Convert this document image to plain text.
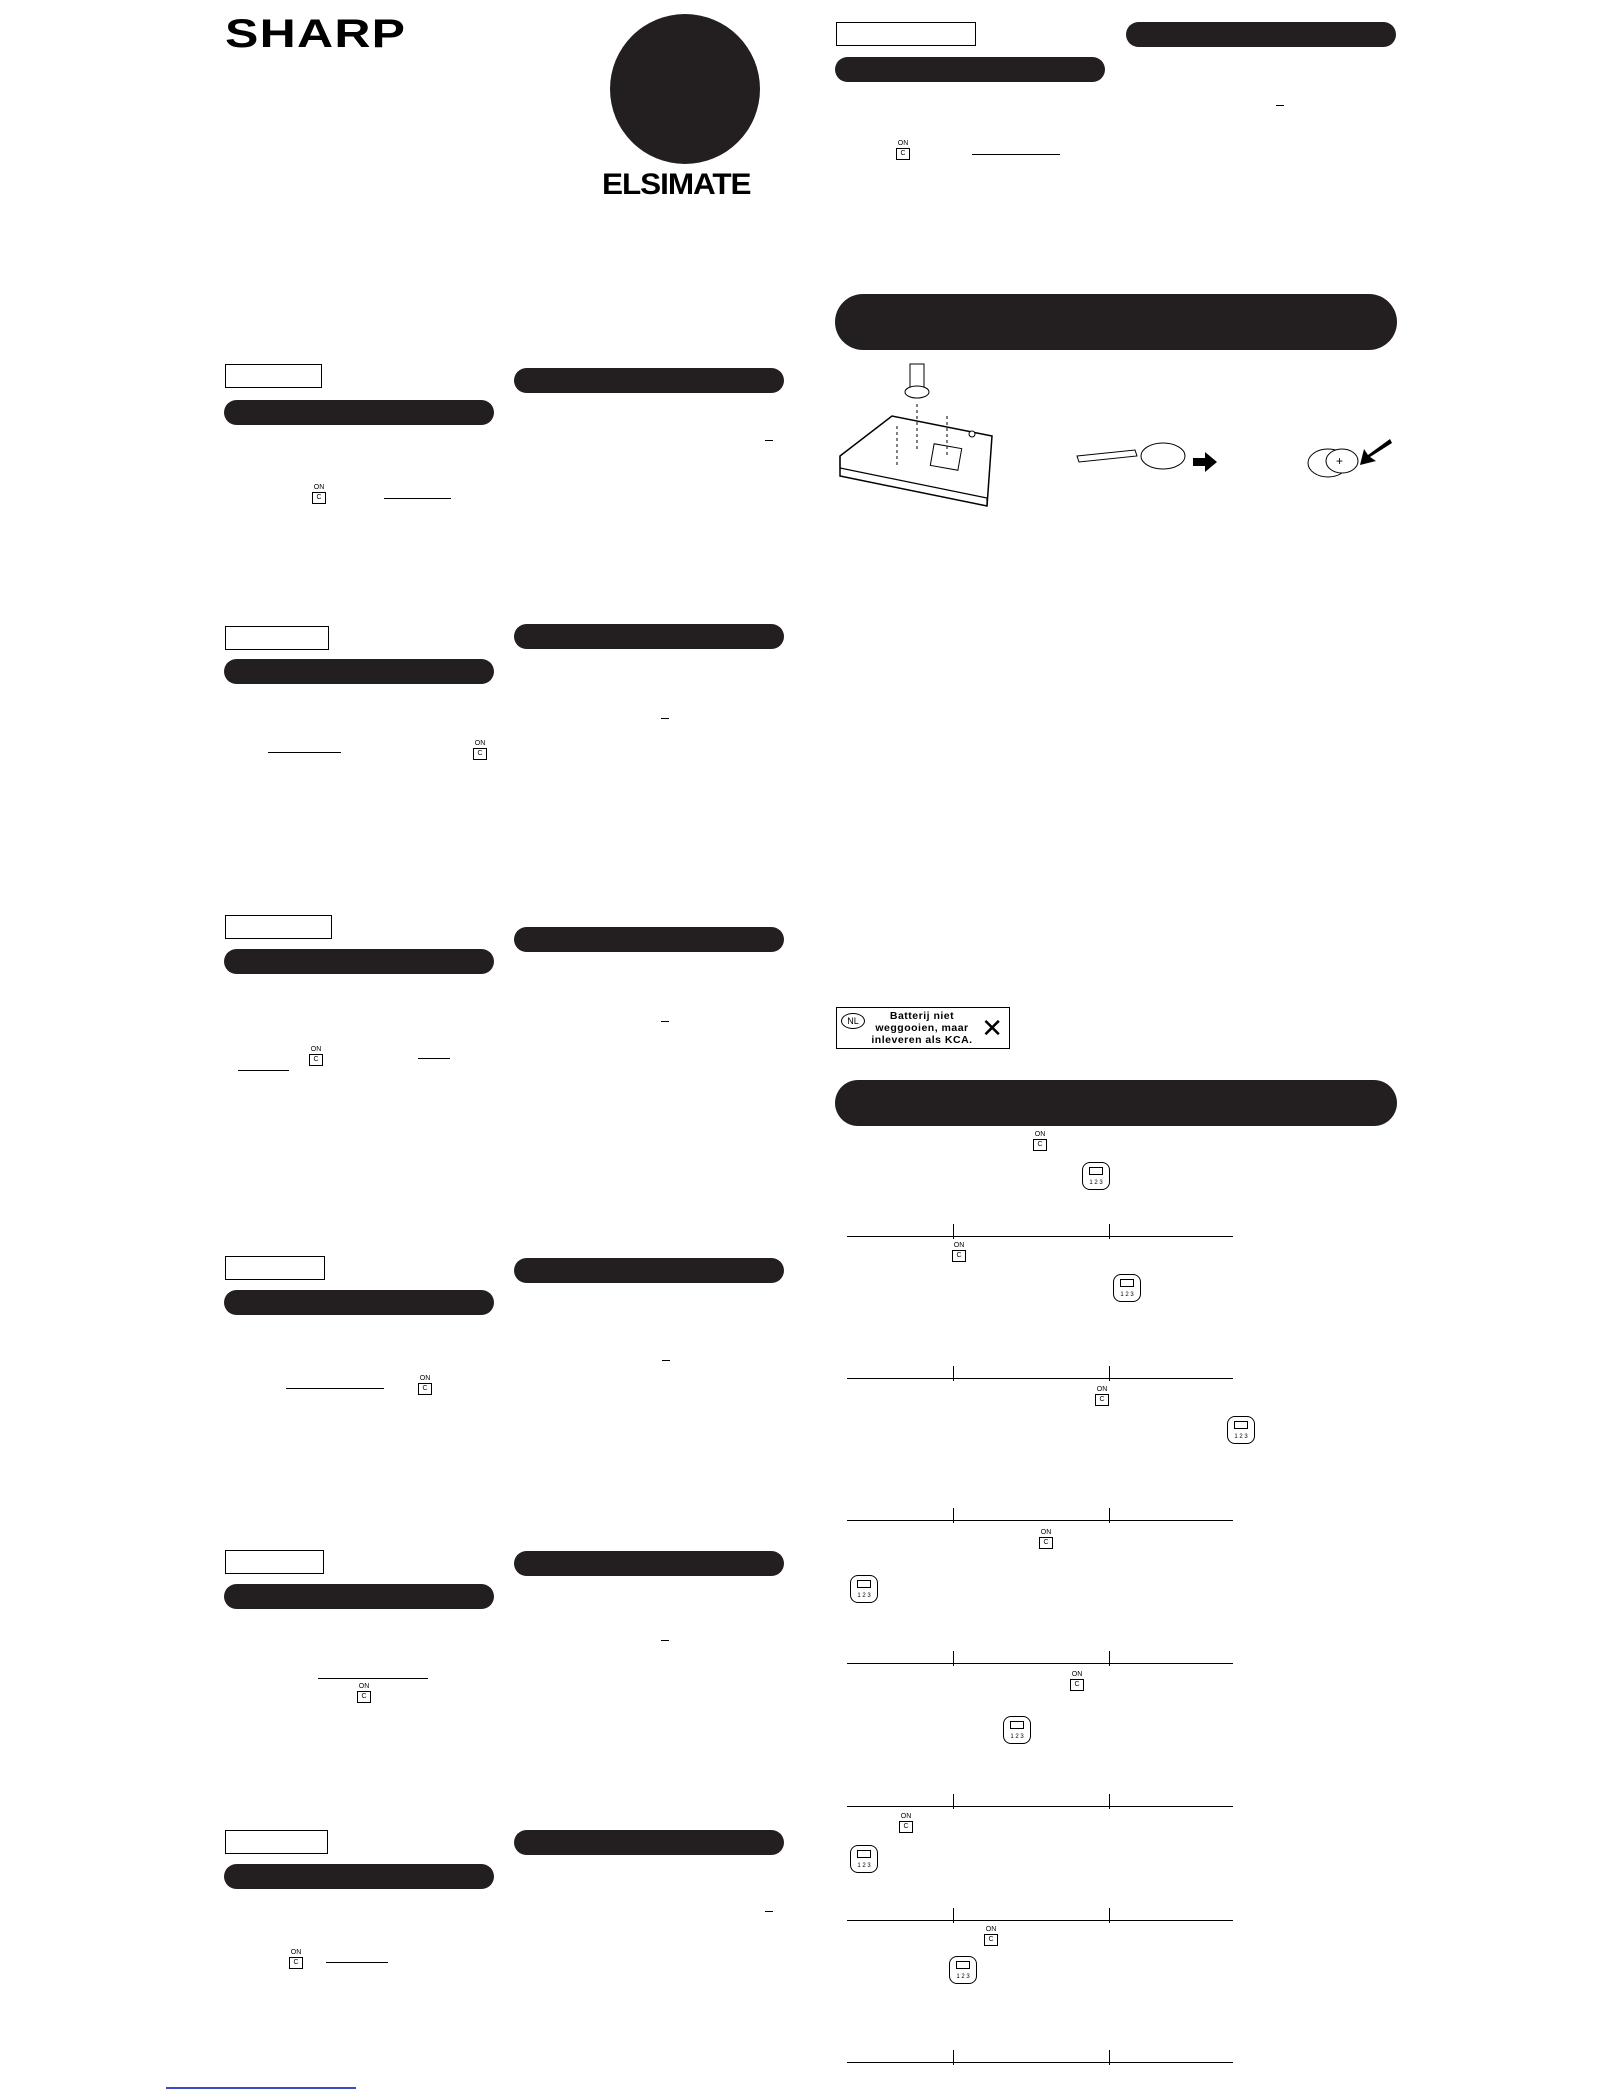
SHARP
ELSIMATE
ON
C
ON
C
ON
C
ON
C
ON
C
ON
C
ON
C
+
NL	Batterij niet weggooien, maar inleveren als KCA. ✕
ON
C
1 2 3
ON
C
1 2 3
ON
C
1 2 3
ON
C
1 2 3
ON
C
1 2 3
ON
C
1 2 3
ON
C
1 2 3
